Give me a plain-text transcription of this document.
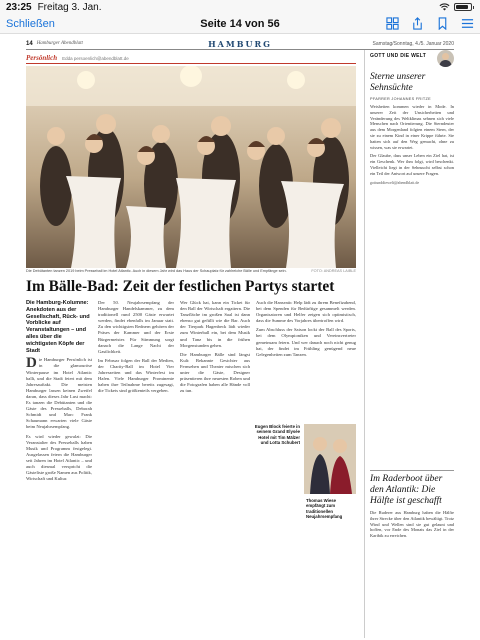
23:25 Freitag 3. Jan.
Schließen	Seite 14 von 56
14 Hamburger Abendblatt	HAMBURG	Samstag/Sonntag, 4./5. Januar 2020
Persönlich Edda persoenlich@abendblatt.de
Die Debütanten tanzen 2019 beim Presseball im Hotel Atlantic. Auch in diesem Jahr wird das Haus der Schauplatz für zahlreiche Bälle und Empfänge sein.	FOTO: ANDREAS LAIBLE
Im Bälle-Bad: Zeit der festlichen Partys startet
Die Hamburg-Kolumne: Anekdoten aus der Gesellschaft, Rück- und Vorblicke auf Veranstaltungen – und alles über die wichtigsten Köpfe der Stadt

Die Hamburger Persönlich ist in die glamouröse Winterpause im Hotel Atlantic ballt, und die Stadt feiert mit dem Jahresauftakt. Die meisten Hamburger lassen keinen Zweifel daran, dass dieses Jahr Lust macht: Es tanzen die Debütanten und die Gäste des Presseballs, Deborah Schmidt und Marc Frank Schaumann erwarten viele Gäste beim Neujahrsempfang.

Es wird wieder gewalzt: Die Veranstalter des Presseballs haben Musik und Programm festgelegt. Ausgelassen feiern die Hamburger seit Jahren im Hotel Atlantic – und auch diesmal verspricht die Gästeliste große Namen aus Politik, Wirtschaft und Kultur.

Der 50. Neujahrsempfang der Hamburger Handelskammer, zu dem traditionell rund 2500 Gäste erwartet werden, findet ebenfalls im Januar statt. Zu den wichtigsten Rednern gehören der Präses der Kammer und der Erste Bürgermeister. Für Stimmung sorgt danach die Lange Nacht der Gastlichkeit.

Im Februar folgen der Ball der Medien, der Charity-Ball im Hotel Vier Jahreszeiten und das Winterfest im Hafen. Viele Hamburger Prominente haben ihre Teilnahme bereits zugesagt, die Tickets sind größtenteils vergeben.

Wer Glück hat, kann ein Ticket für den Ball der Wirtschaft ergattern. Die Tanzfläche im großen Saal ist dann ebenso gut gefüllt wie die Bar. Auch der Tierpark Hagenbeck lädt wieder zum Winterball ein, bei dem Musik und Tanz bis in die frühen Morgenstunden gehen.

Die Hamburger Bälle sind längst Kult: Bekannte Gesichter aus Fernsehen und Theater mischen sich unter die Gäste, Designer präsentieren ihre neuesten Roben und die Fotografen haben alle Hände voll zu tun.

Auch die Hanseatic Help lädt zu ihrem Benefizabend, bei dem Spenden für Bedürftige gesammelt werden. Organisatoren und Helfer zeigen sich optimistisch, dass die Summe des Vorjahres übertroffen wird.

Zum Abschluss der Saison lockt der Ball des Sports, bei dem Olympioniken und Vereinsvertreter gemeinsam feiern. Und wer danach noch nicht genug hat, der findet im Frühling genügend neue Gelegenheiten zum Tanzen.

Eugen Block feierte in seinem Grand Elysée Hotel mit Tim Mälzer und Lotta Schubert
Thomas Wiese empfängt zum traditionellen Neujahrsempfang
GOTT UND DIE WELT
Sterne unserer Sehnsüchte
PFARRER JOHANNES FRITZE

Weisheiten kommen wieder in Mode. In unserer Zeit der Unsicherheiten und Veränderung des Weltklimas sehnen sich viele Menschen nach Orientierung. Die Sterndeuter aus dem Morgenland folgten einem Stern, der sie zu einem Kind in einer Krippe führte. Sie hatten sich auf den Weg gemacht, ohne zu wissen, was sie erwartet.

Der Glaube, dass unser Leben ein Ziel hat, ist ein Geschenk. Wer ihm folgt, wird beschenkt. Vielleicht liegt in der Sehnsucht selbst schon ein Teil der Antwort auf unsere Fragen.

gottunddiewelt@abendblatt.de
Im Raderboot über den Atlantik: Die Hälfte ist geschafft

Die Ruderer aus Hamburg haben die Hälfte ihrer Strecke über den Atlantik bewältigt. Trotz Wind und Wellen sind sie gut gelaunt und hoffen, vor Ende des Monats das Ziel in der Karibik zu erreichen.
